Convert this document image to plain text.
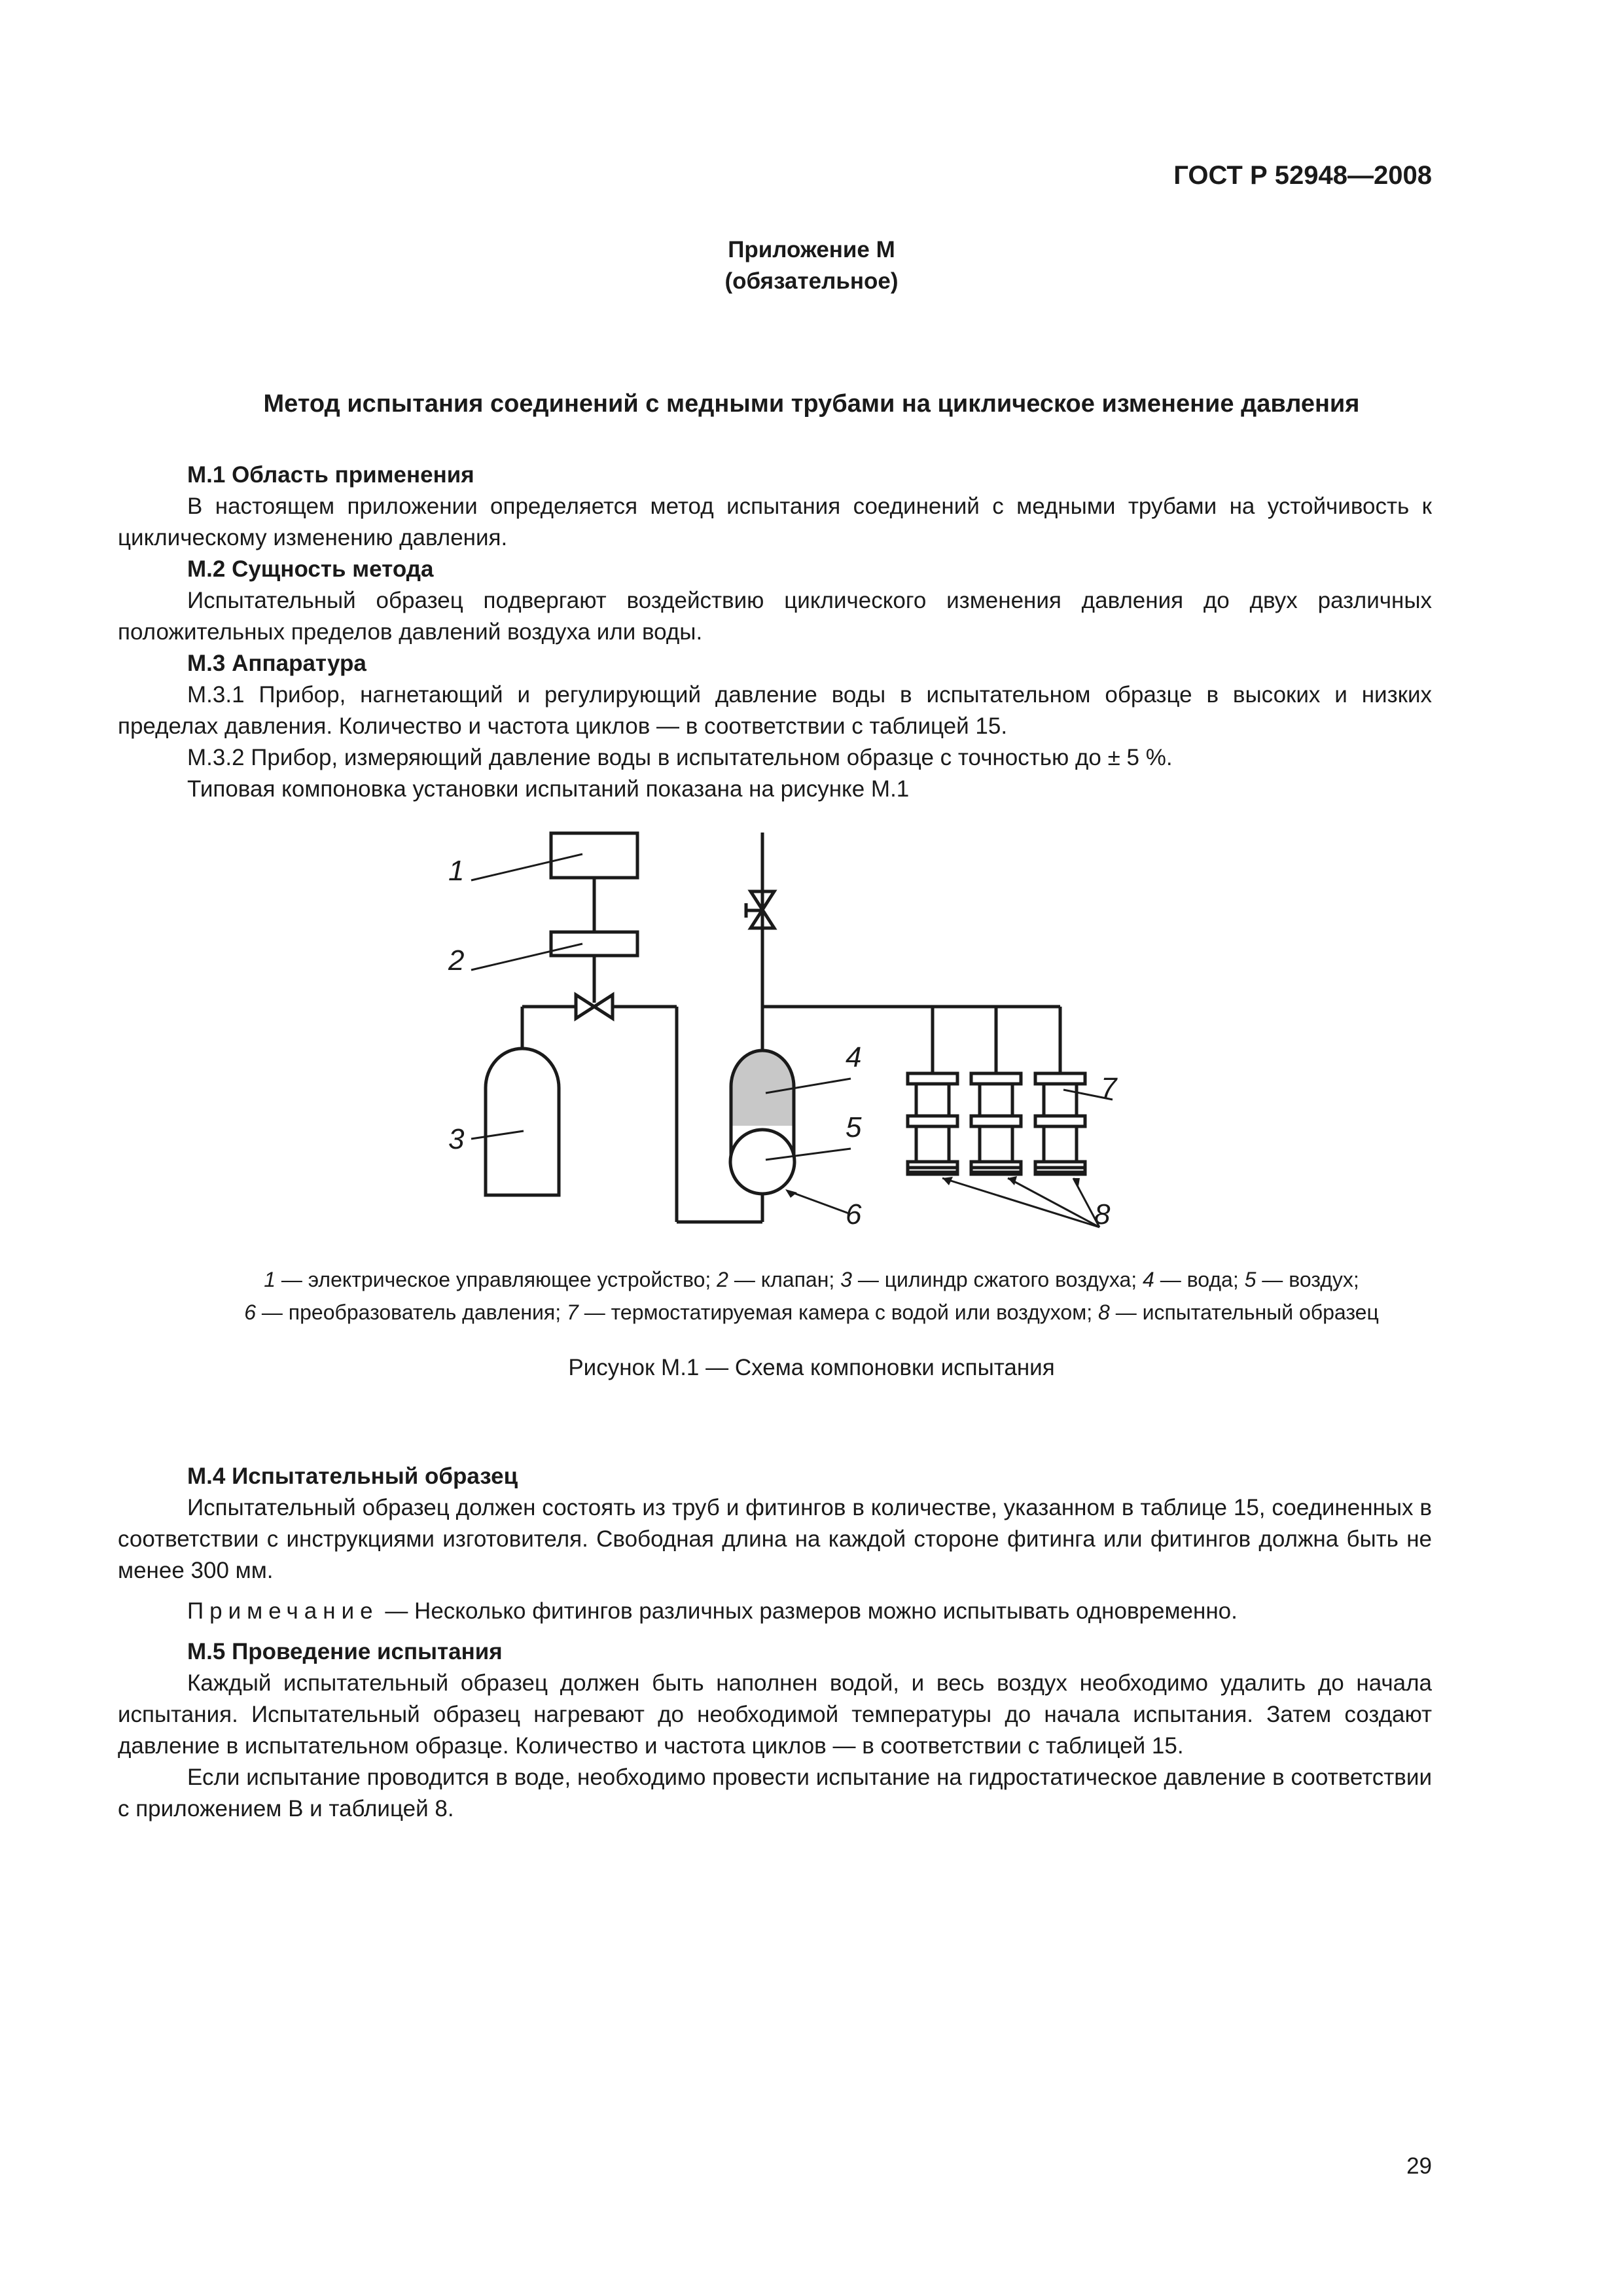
ГОСТ Р 52948—2008
Приложение М
(обязательное)
Метод испытания соединений с медными трубами на циклическое изменение давления
М.1 Область применения
В настоящем приложении определяется метод испытания соединений с медными трубами на устойчивость к циклическому изменению давления.
М.2 Сущность метода
Испытательный образец подвергают воздействию циклического изменения давления до двух различных положительных пределов давлений воздуха или воды.
М.3 Аппаратура
М.3.1 Прибор, нагнетающий и регулирующий давление воды в испытательном образце в высоких и низких пределах давления. Количество и частота циклов — в соответствии с таблицей 15.
М.3.2 Прибор, измеряющий давление воды в испытательном образце с точностью до ± 5 %.
Типовая компоновка установки испытаний показана на рисунке М.1
1
2
3
4
5
6
7
8
1 — электрическое управляющее устройство; 2 — клапан; 3 — цилиндр сжатого воздуха; 4 — вода; 5 — воздух;
6 — преобразователь давления; 7 — термостатируемая камера с водой или воздухом; 8 — испытательный образец
Рисунок М.1 — Схема компоновки испытания
М.4 Испытательный образец
Испытательный образец должен состоять из труб и фитингов в количестве, указанном в таблице 15, соединенных в соответствии с инструкциями изготовителя. Свободная длина на каждой стороне фитинга или фитингов должна быть не менее 300 мм.
Примечание — Несколько фитингов различных размеров можно испытывать одновременно.
М.5 Проведение испытания
Каждый испытательный образец должен быть наполнен водой, и весь воздух необходимо удалить до начала испытания. Испытательный образец нагревают до необходимой температуры до начала испытания. Затем создают давление в испытательном образце. Количество и частота циклов — в соответствии с таблицей 15.
Если испытание проводится в воде, необходимо провести испытание на гидростатическое давление в соответствии с приложением В и таблицей 8.
29
